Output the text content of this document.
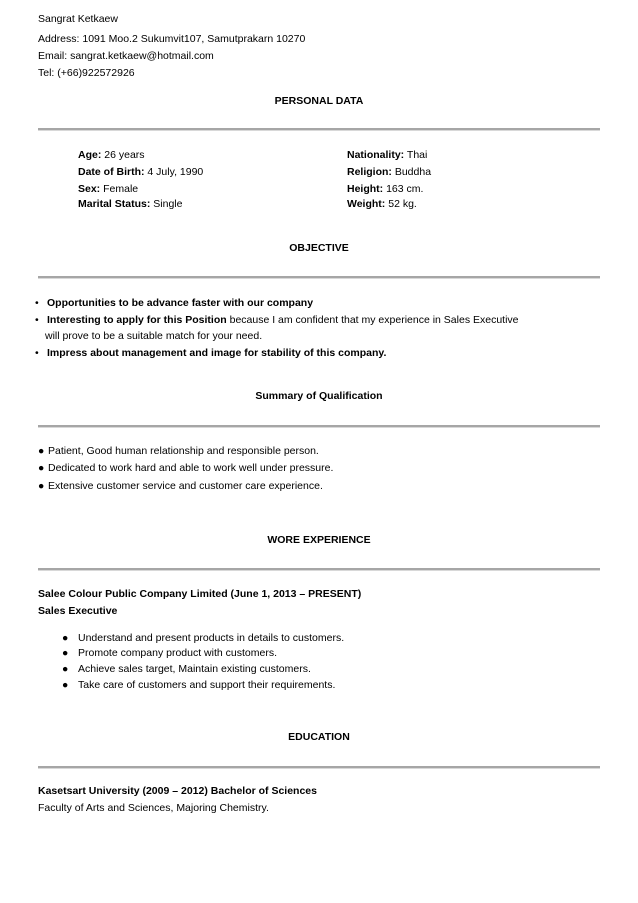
Sangrat Ketkaew
Address: 1091 Moo.2 Sukumvit107, Samutprakarn 10270
Email: sangrat.ketkaew@hotmail.com
Tel: (+66)922572926
PERSONAL DATA
Age: 26 years
Date of Birth: 4 July, 1990
Sex: Female
Marital Status: Single
Nationality: Thai
Religion: Buddha
Height: 163 cm.
Weight: 52 kg.
OBJECTIVE
• Opportunities to be advance faster with our company
• Interesting to apply for this Position because I am confident that my experience in Sales Executive
will prove to be a suitable match for your need.
• Impress about management and image for stability of this company.
Summary of Qualification
● Patient, Good human relationship and responsible person.
● Dedicated to work hard and able to work well under pressure.
● Extensive customer service and customer care experience.
WORE EXPERIENCE
Salee Colour Public Company Limited (June 1, 2013 – PRESENT)
Sales Executive
● Understand and present products in details to customers.
● Promote company product with customers.
● Achieve sales target, Maintain existing customers.
● Take care of customers and support their requirements.
EDUCATION
Kasetsart University (2009 – 2012) Bachelor of Sciences
Faculty of Arts and Sciences, Majoring Chemistry.
